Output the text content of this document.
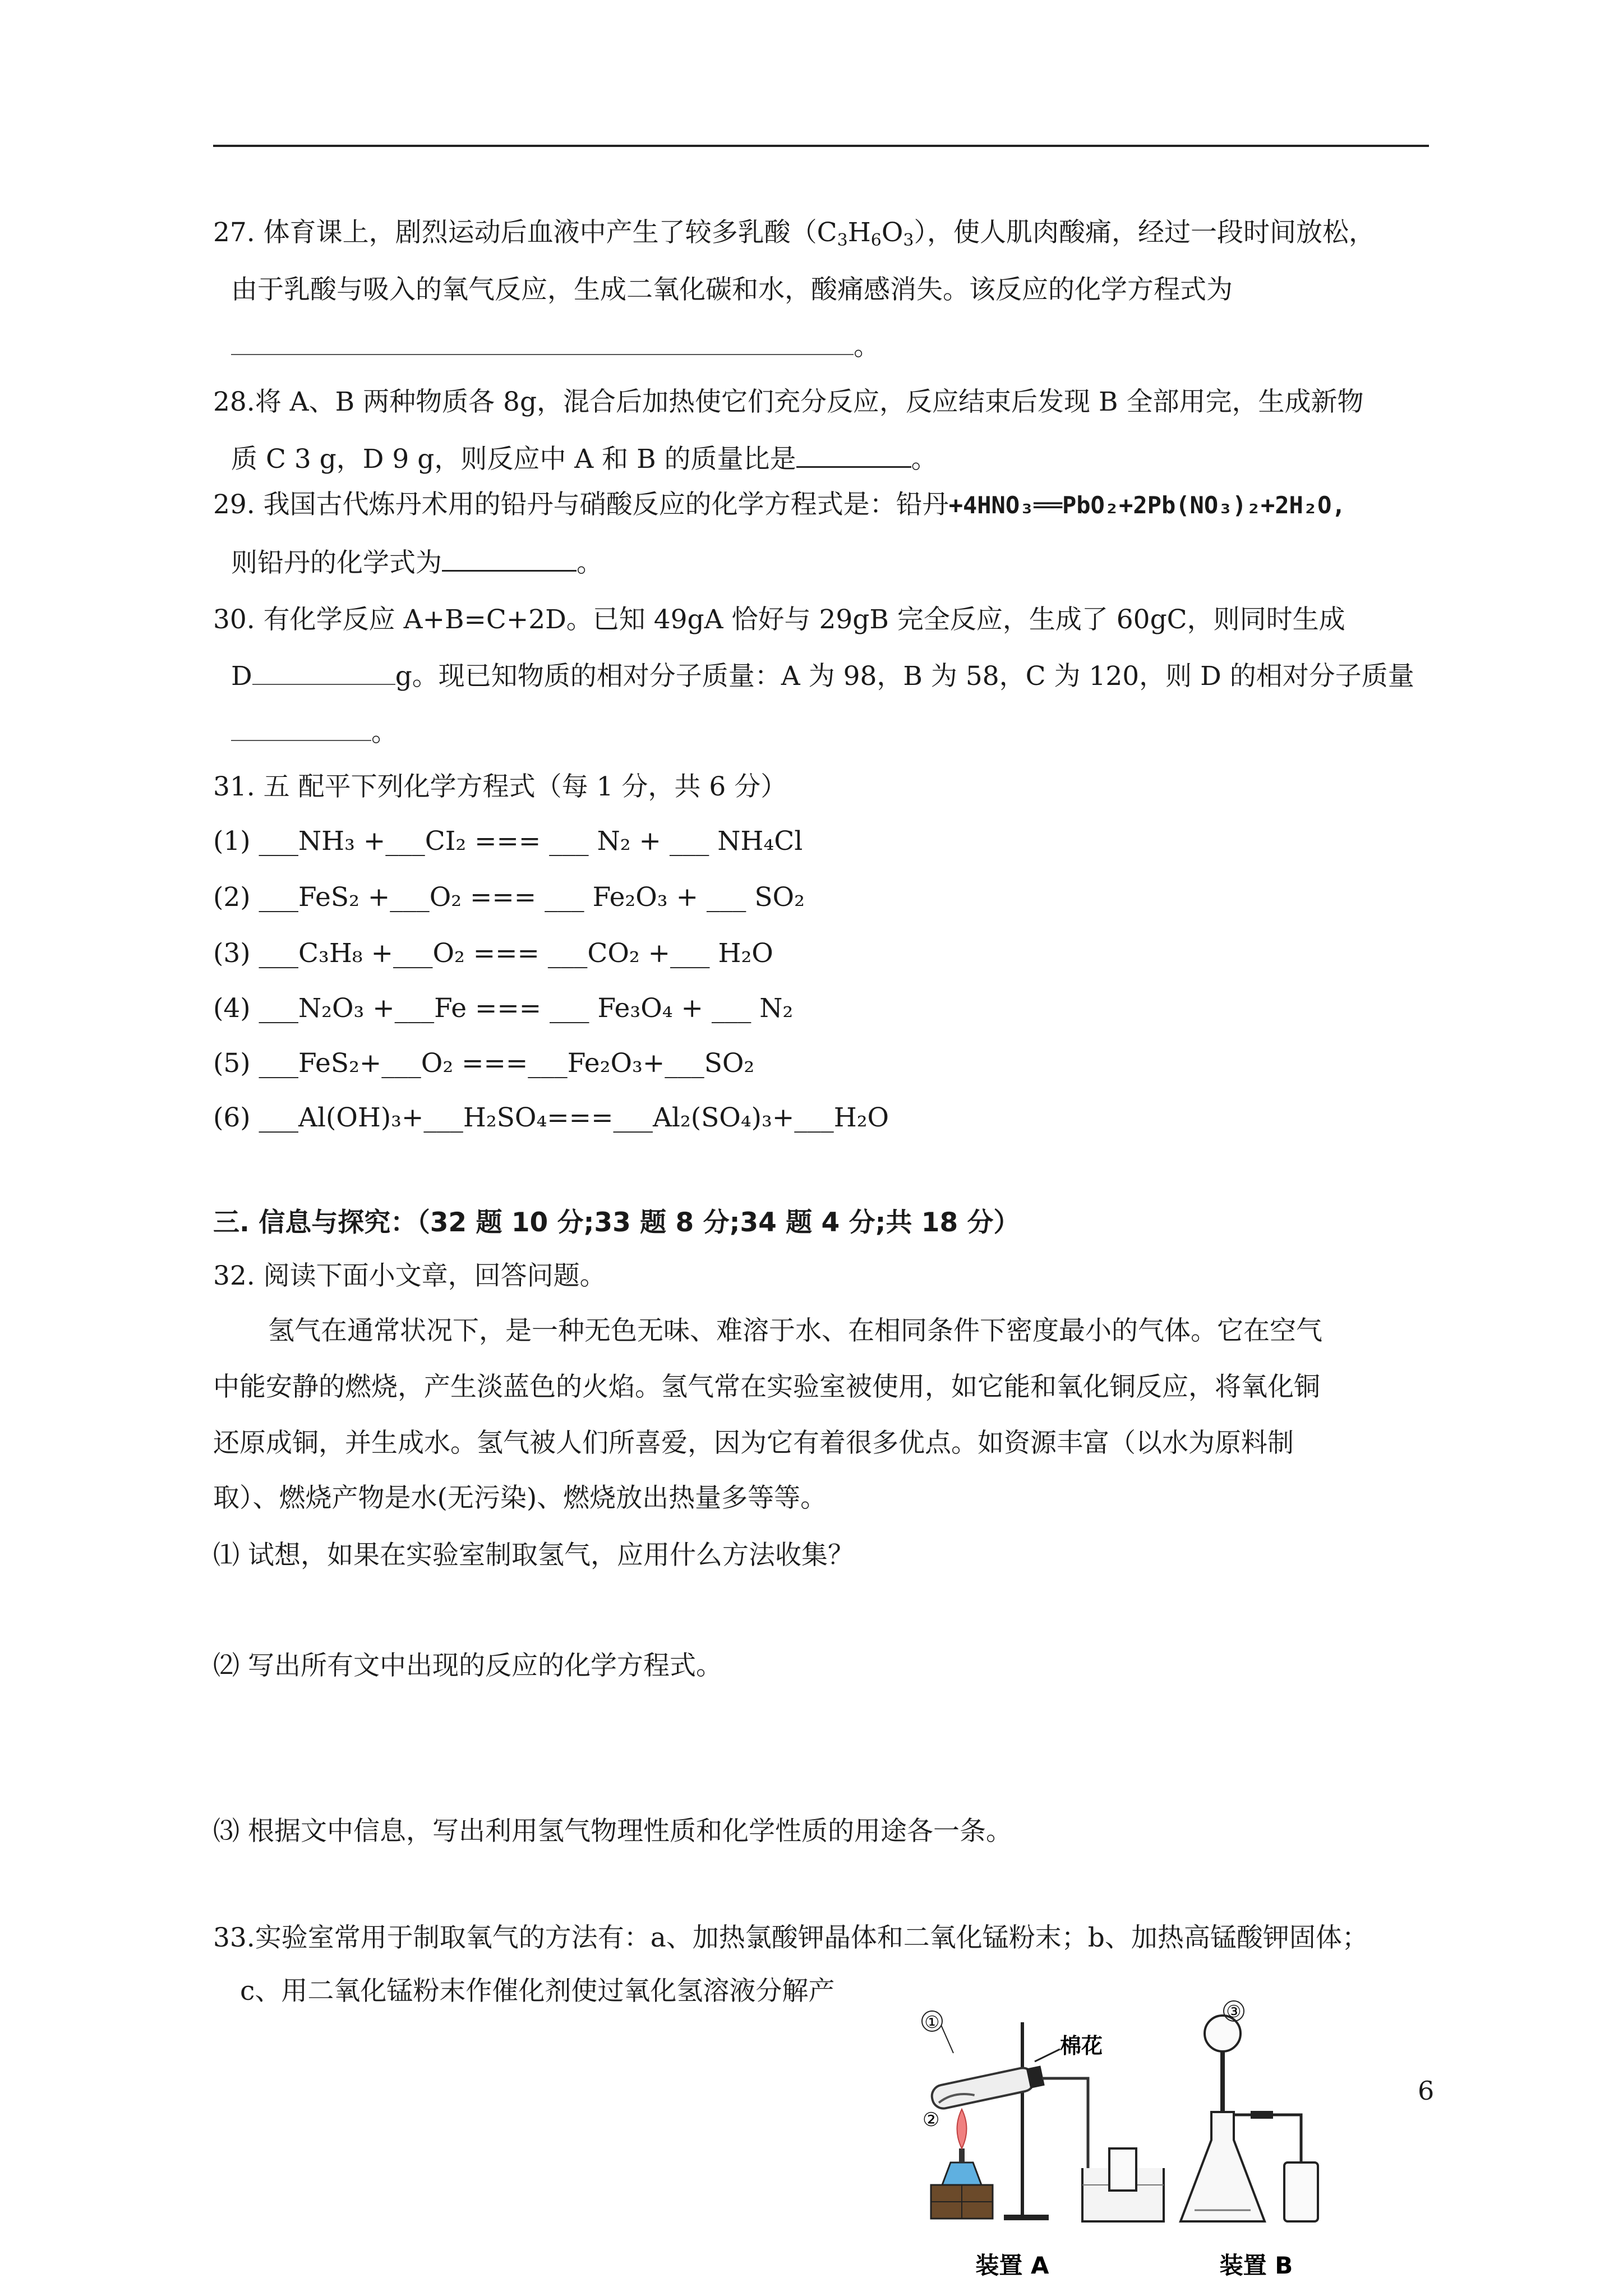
27. 体育课上，剧烈运动后血液中产生了较多乳酸$(C_3H_6O_3)$，使人肌肉酸痛，经过一段时间放松，
由于乳酸与吸入的氧气反应，生成二氧化碳和水，酸痛感消失。该反应的化学方程式为
。
28.将 A、B 两种物质各 8g，混合后加热使它们充分反应，反应结束后发现 B 全部用完，生成新物
质 C 3 g，D 9 g，则反应中 A 和 B 的质量比是	。
29. 我国古代炼丹术用的铅丹与硝酸反应的化学方程式是：铅丹+4HNO₃══PbO₂+2Pb(NO₃)₂+2H₂O,
则铅丹的化学式为	。
30. 有化学反应 A+B=C+2D。已知 49gA 恰好与 29gB 完全反应，生成了 60gC，则同时生成
D	g。现已知物质的相对分子质量：A 为 98，B 为 58，C 为 120，则 D 的相对分子质量
。
31. 五 配平下列化学方程式（每 1 分，共 6 分）
(1) ___NH₃ +___CI₂ === ___ N₂ + ___ NH₄Cl
(2) ___FeS₂ +___O₂ === ___ Fe₂O₃ + ___ SO₂
(3) ___C₃H₈ +___O₂ === ___CO₂ +___ H₂O
(4) ___N₂O₃ +___Fe === ___ Fe₃O₄ + ___ N₂
(5) ___FeS₂+___O₂ ===___Fe₂O₃+___SO₂
(6) ___Al(OH)₃+___H₂SO₄===___Al₂(SO₄)₃+___H₂O
三. 信息与探究：（32 题 10 分;33 题 8 分;34 题 4 分;共 18 分）
32. 阅读下面小文章，回答问题。
氢气在通常状况下，是一种无色无味、难溶于水、在相同条件下密度最小的气体。它在空气
中能安静的燃烧，产生淡蓝色的火焰。氢气常在实验室被使用，如它能和氧化铜反应，将氧化铜
还原成铜，并生成水。氢气被人们所喜爱，因为它有着很多优点。如资源丰富（以水为原料制
取）、燃烧产物是水(无污染)、燃烧放出热量多等等。
⑴ 试想，如果在实验室制取氢气，应用什么方法收集？
⑵ 写出所有文中出现的反应的化学方程式。
⑶ 根据文中信息，写出利用氢气物理性质和化学性质的用途各一条。
33.实验室常用于制取氧气的方法有：a、加热氯酸钾晶体和二氧化锰粉末；b、加热高锰酸钾固体；
c、用二氧化锰粉末作催化剂使过氧化氢溶液分解产
棉花
①
②
装置 A
③
装置 B
6
